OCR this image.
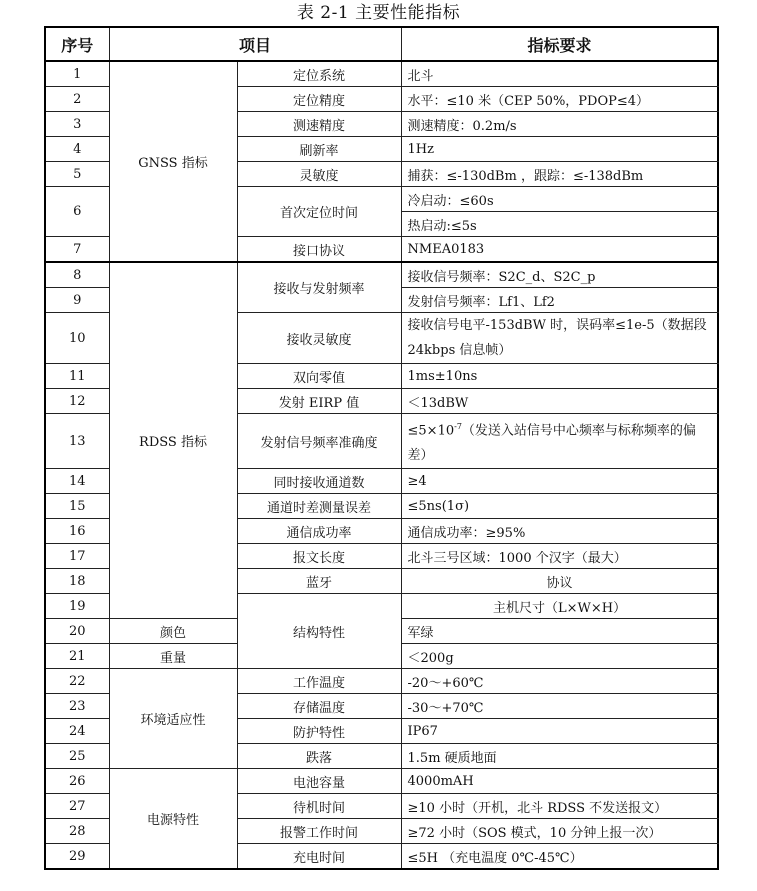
表 2-1 主要性能指标
序号	项目		指标要求	
1	GNSS 指标	定位系统	北斗	
2		定位精度	水平：≤10 米（CEP 50%，PDOP≤4）	
3		测速精度	测速精度：0.2m/s	
4		刷新率	1Hz	
5		灵敏度	捕获：≤-130dBm ，跟踪：≤-138dBm	
6		首次定位时间	冷启动：≤60s	
			热启动:≤5s	
7		接口协议	NMEA0183	
8	RDSS 指标	接收与发射频率	接收信号频率：S2C_d、S2C_p	
9			发射信号频率：Lf1、Lf2	
10		接收灵敏度	接收信号电平-153dBW 时，误码率≤1e-5（数据段 24kbps 信息帧）	
11		双向零值	1ms±10ns	
12		发射 EIRP 值	＜13dBW	
13		发射信号频率准确度	$\le 5\times 10^{-7}$（发送入站信号中心频率与标称频率的偏差）	
14		同时接收通道数	≥4	
15		通道时差测量误差	≤5ns(1σ)	
16		通信成功率	通信成功率：≥95%	
17		报文长度	北斗三号区域：1000 个汉字（最大）	
18		蓝牙	协议	
19		结构特性	主机尺寸（L×W×H）	
20	颜色		军绿	
21	重量		＜200g	
22	环境适应性	工作温度	-20～+60℃	
23		存储温度	-30～+70℃	
24		防护特性	IP67	
25		跌落	1.5m 硬质地面	
26	电源特性	电池容量	4000mAH	
27		待机时间	≥10 小时（开机，北斗 RDSS 不发送报文）	
28		报警工作时间	≥72 小时（SOS 模式，10 分钟上报一次）	
29		充电时间	≤5H （充电温度 0℃-45℃）	
